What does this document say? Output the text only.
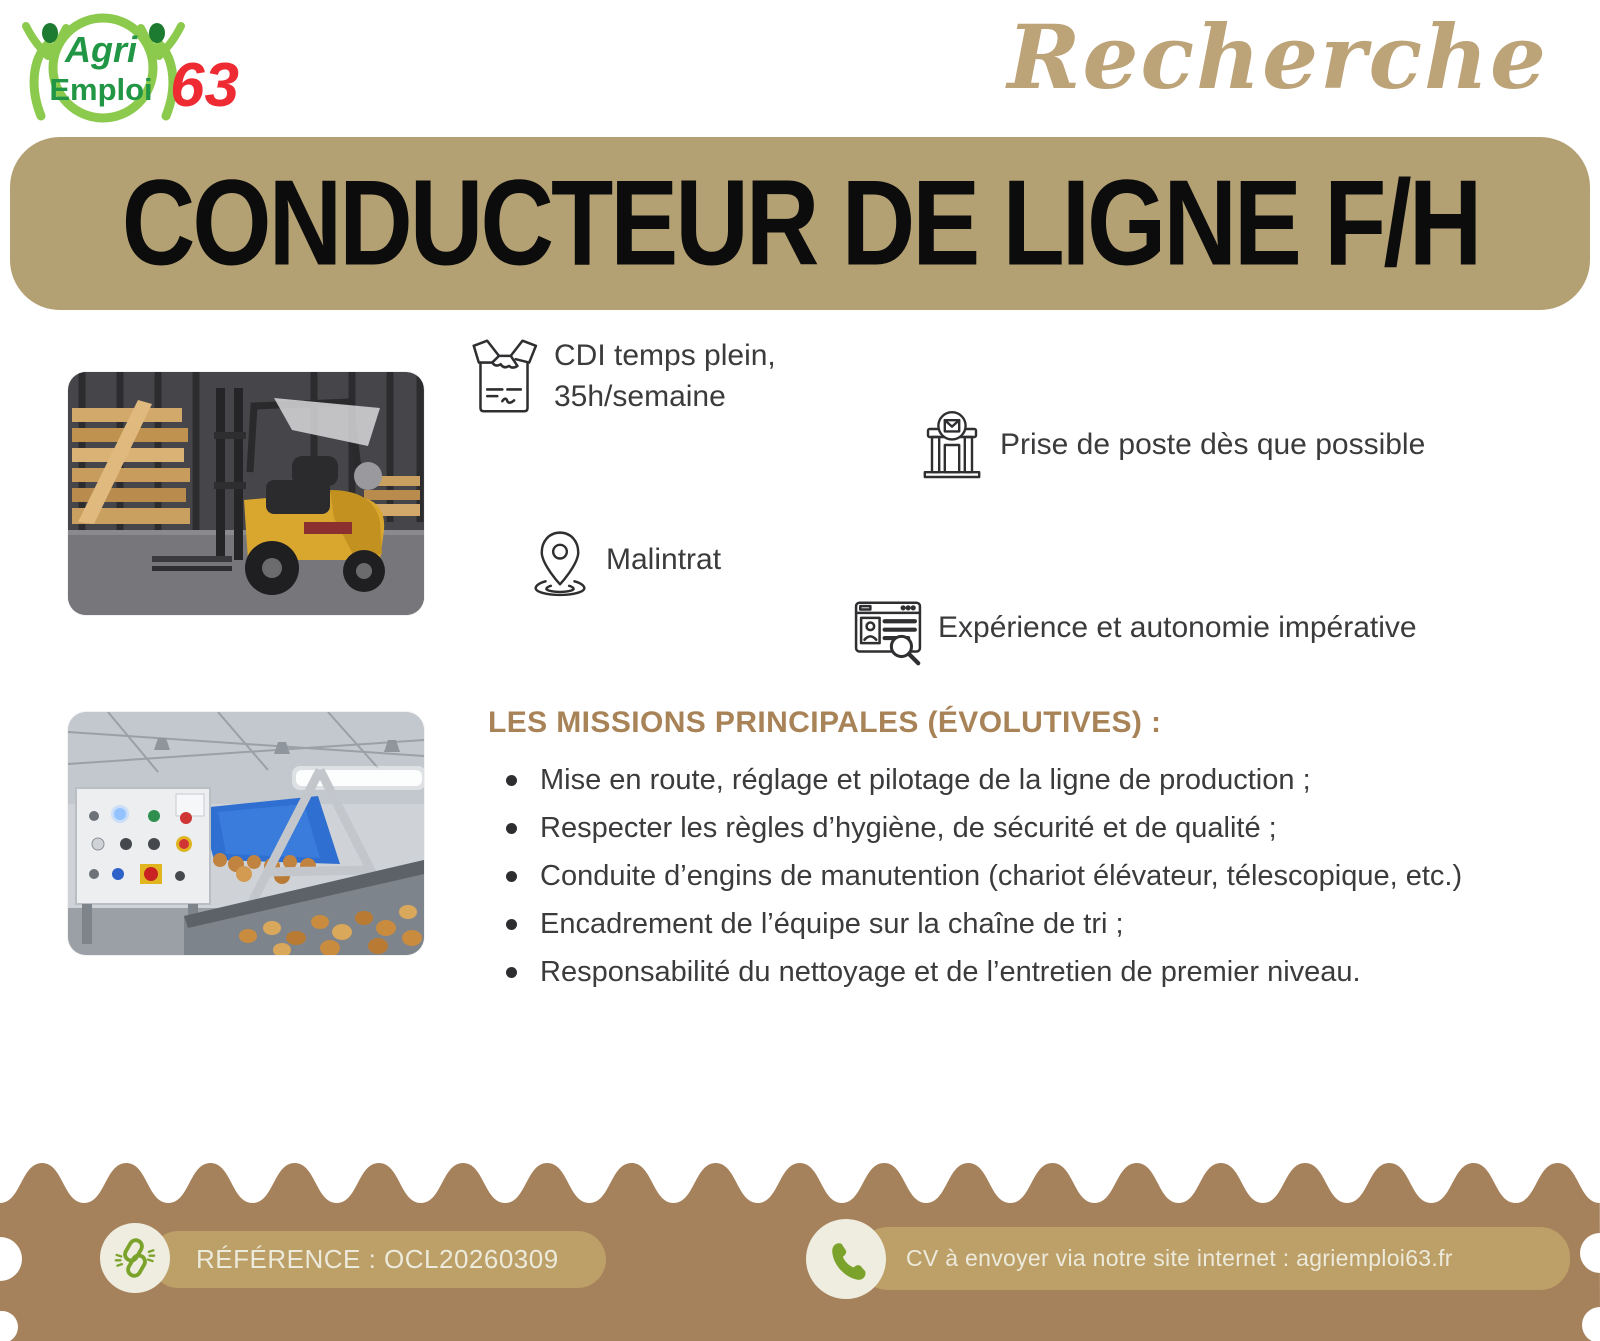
Agri
Emploi 63	Recherche
CONDUCTEUR DE LIGNE F/H
CDI temps plein,
35h/semaine
Prise de poste dès que possible
Malintrat
Expérience et autonomie impérative
LES MISSIONS PRINCIPALES (ÉVOLUTIVES) :
Mise en route, réglage et pilotage de la ligne de production ;
Respecter les règles d’hygiène, de sécurité et de qualité ;
Conduite d’engins de manutention (chariot élévateur, télescopique, etc.)
Encadrement de l’équipe sur la chaîne de tri ;
Responsabilité du nettoyage et de l’entretien de premier niveau.
RÉFÉRENCE : OCL20260309	CV à envoyer via notre site internet : agriemploi63.fr
